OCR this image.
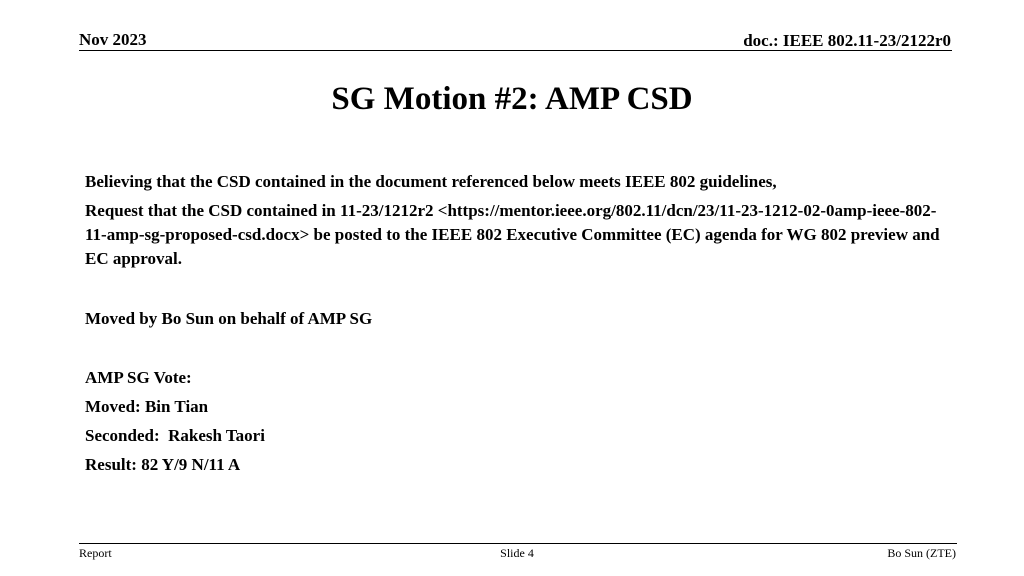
Nov 2023	doc.: IEEE 802.11-23/2122r0
SG Motion #2: AMP CSD

Believing that the CSD contained in the document referenced below meets IEEE 802 guidelines,

Request that the CSD contained in 11-23/1212r2 <https://mentor.ieee.org/802.11/dcn/23/11-23-1212-02-0amp-ieee-802-11-amp-sg-proposed-csd.docx> be posted to the IEEE 802 Executive Committee (EC) agenda for WG 802 preview and EC approval.

Moved by Bo Sun on behalf of AMP SG

AMP SG Vote:

Moved: Bin Tian

Seconded:  Rakesh Taori

Result: 82 Y/9 N/11 A

Report	Slide 4	Bo Sun (ZTE)
